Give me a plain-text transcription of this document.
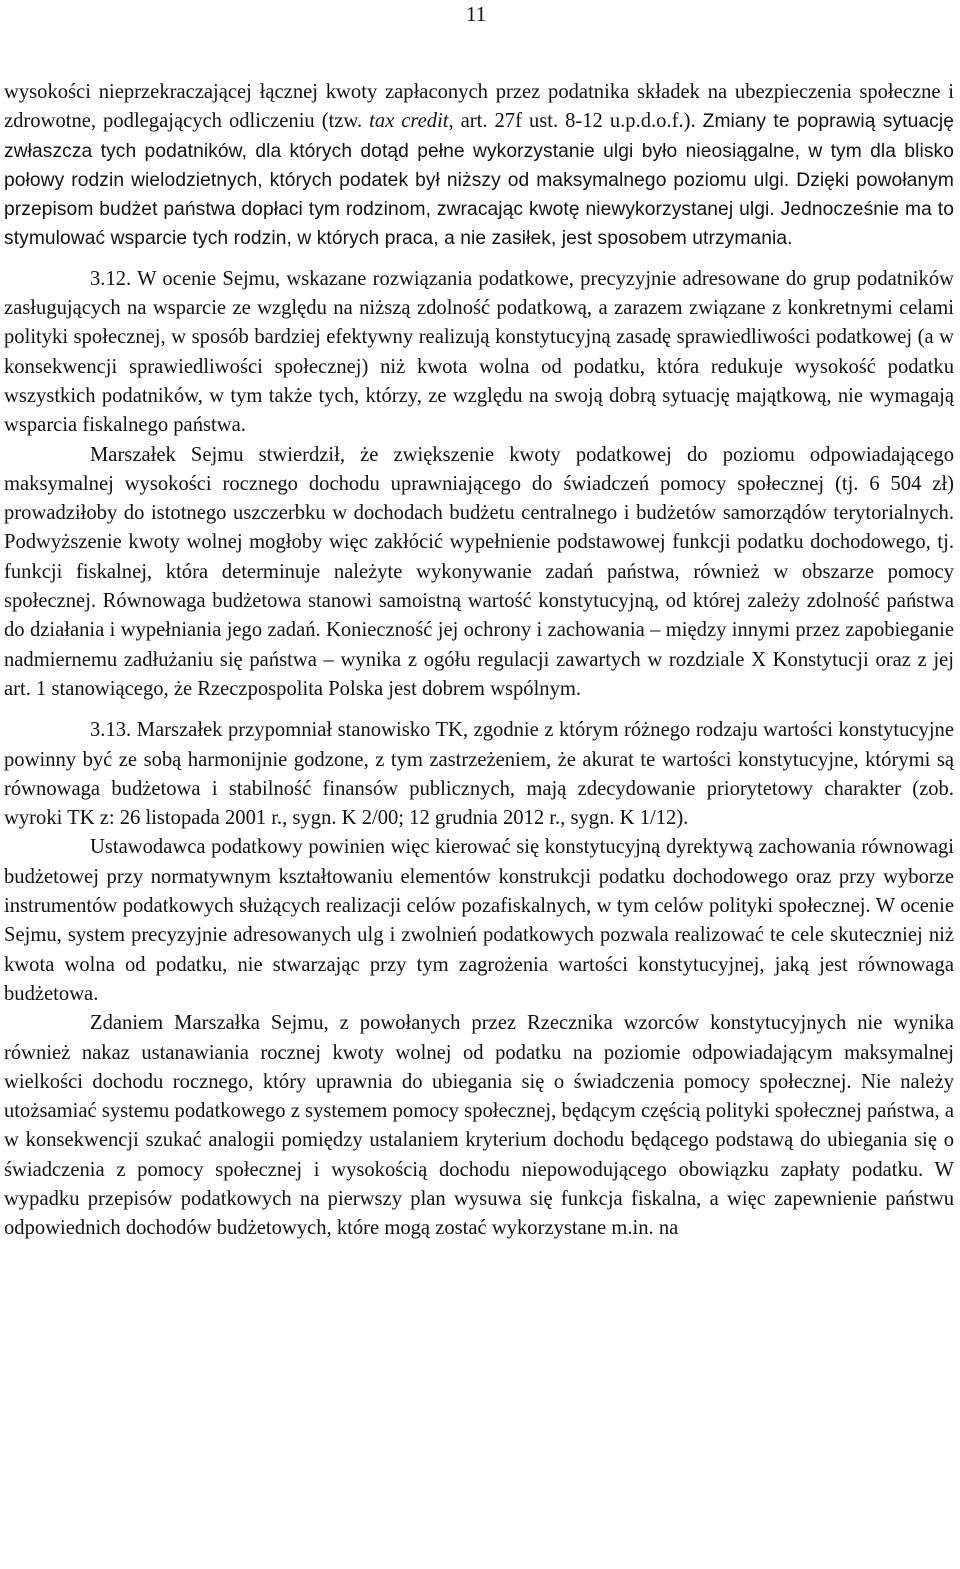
11

wysokości nieprzekraczającej łącznej kwoty zapłaconych przez podatnika składek na ubezpieczenia społeczne i zdrowotne, podlegających odliczeniu (tzw. tax credit, art. 27f ust. 8-12 u.p.d.o.f.). Zmiany te poprawią sytuację zwłaszcza tych podatników, dla których dotąd pełne wykorzystanie ulgi było nieosiągalne, w tym dla blisko połowy rodzin wielodzietnych, których podatek był niższy od maksymalnego poziomu ulgi. Dzięki powołanym przepisom budżet państwa dopłaci tym rodzinom, zwracając kwotę niewykorzystanej ulgi. Jednocześnie ma to stymulować wsparcie tych rodzin, w których praca, a nie zasiłek, jest sposobem utrzymania.

3.12. W ocenie Sejmu, wskazane rozwiązania podatkowe, precyzyjnie adresowane do grup podatników zasługujących na wsparcie ze względu na niższą zdolność podatkową, a zarazem związane z konkretnymi celami polityki społecznej, w sposób bardziej efektywny realizują konstytucyjną zasadę sprawiedliwości podatkowej (a w konsekwencji sprawiedliwości społecznej) niż kwota wolna od podatku, która redukuje wysokość podatku wszystkich podatników, w tym także tych, którzy, ze względu na swoją dobrą sytuację majątkową, nie wymagają wsparcia fiskalnego państwa.

Marszałek Sejmu stwierdził, że zwiększenie kwoty podatkowej do poziomu odpowiadającego maksymalnej wysokości rocznego dochodu uprawniającego do świadczeń pomocy społecznej (tj. 6 504 zł) prowadziłoby do istotnego uszczerbku w dochodach budżetu centralnego i budżetów samorządów terytorialnych. Podwyższenie kwoty wolnej mogłoby więc zakłócić wypełnienie podstawowej funkcji podatku dochodowego, tj. funkcji fiskalnej, która determinuje należyte wykonywanie zadań państwa, również w obszarze pomocy społecznej. Równowaga budżetowa stanowi samoistną wartość konstytucyjną, od której zależy zdolność państwa do działania i wypełniania jego zadań. Konieczność jej ochrony i zachowania – między innymi przez zapobieganie nadmiernemu zadłużaniu się państwa – wynika z ogółu regulacji zawartych w rozdziale X Konstytucji oraz z jej art. 1 stanowiącego, że Rzeczpospolita Polska jest dobrem wspólnym.

3.13. Marszałek przypomniał stanowisko TK, zgodnie z którym różnego rodzaju wartości konstytucyjne powinny być ze sobą harmonijnie godzone, z tym zastrzeżeniem, że akurat te wartości konstytucyjne, którymi są równowaga budżetowa i stabilność finansów publicznych, mają zdecydowanie priorytetowy charakter (zob. wyroki TK z: 26 listopada 2001 r., sygn. K 2/00; 12 grudnia 2012 r., sygn. K 1/12).

Ustawodawca podatkowy powinien więc kierować się konstytucyjną dyrektywą zachowania równowagi budżetowej przy normatywnym kształtowaniu elementów konstrukcji podatku dochodowego oraz przy wyborze instrumentów podatkowych służących realizacji celów pozafiskalnych, w tym celów polityki społecznej. W ocenie Sejmu, system precyzyjnie adresowanych ulg i zwolnień podatkowych pozwala realizować te cele skuteczniej niż kwota wolna od podatku, nie stwarzając przy tym zagrożenia wartości konstytucyjnej, jaką jest równowaga budżetowa.

Zdaniem Marszałka Sejmu, z powołanych przez Rzecznika wzorców konstytucyjnych nie wynika również nakaz ustanawiania rocznej kwoty wolnej od podatku na poziomie odpowiadającym maksymalnej wielkości dochodu rocznego, który uprawnia do ubiegania się o świadczenia pomocy społecznej. Nie należy utożsamiać systemu podatkowego z systemem pomocy społecznej, będącym częścią polityki społecznej państwa, a w konsekwencji szukać analogii pomiędzy ustalaniem kryterium dochodu będącego podstawą do ubiegania się o świadczenia z pomocy społecznej i wysokością dochodu niepowodującego obowiązku zapłaty podatku. W wypadku przepisów podatkowych na pierwszy plan wysuwa się funkcja fiskalna, a więc zapewnienie państwu odpowiednich dochodów budżetowych, które mogą zostać wykorzystane m.in. na
